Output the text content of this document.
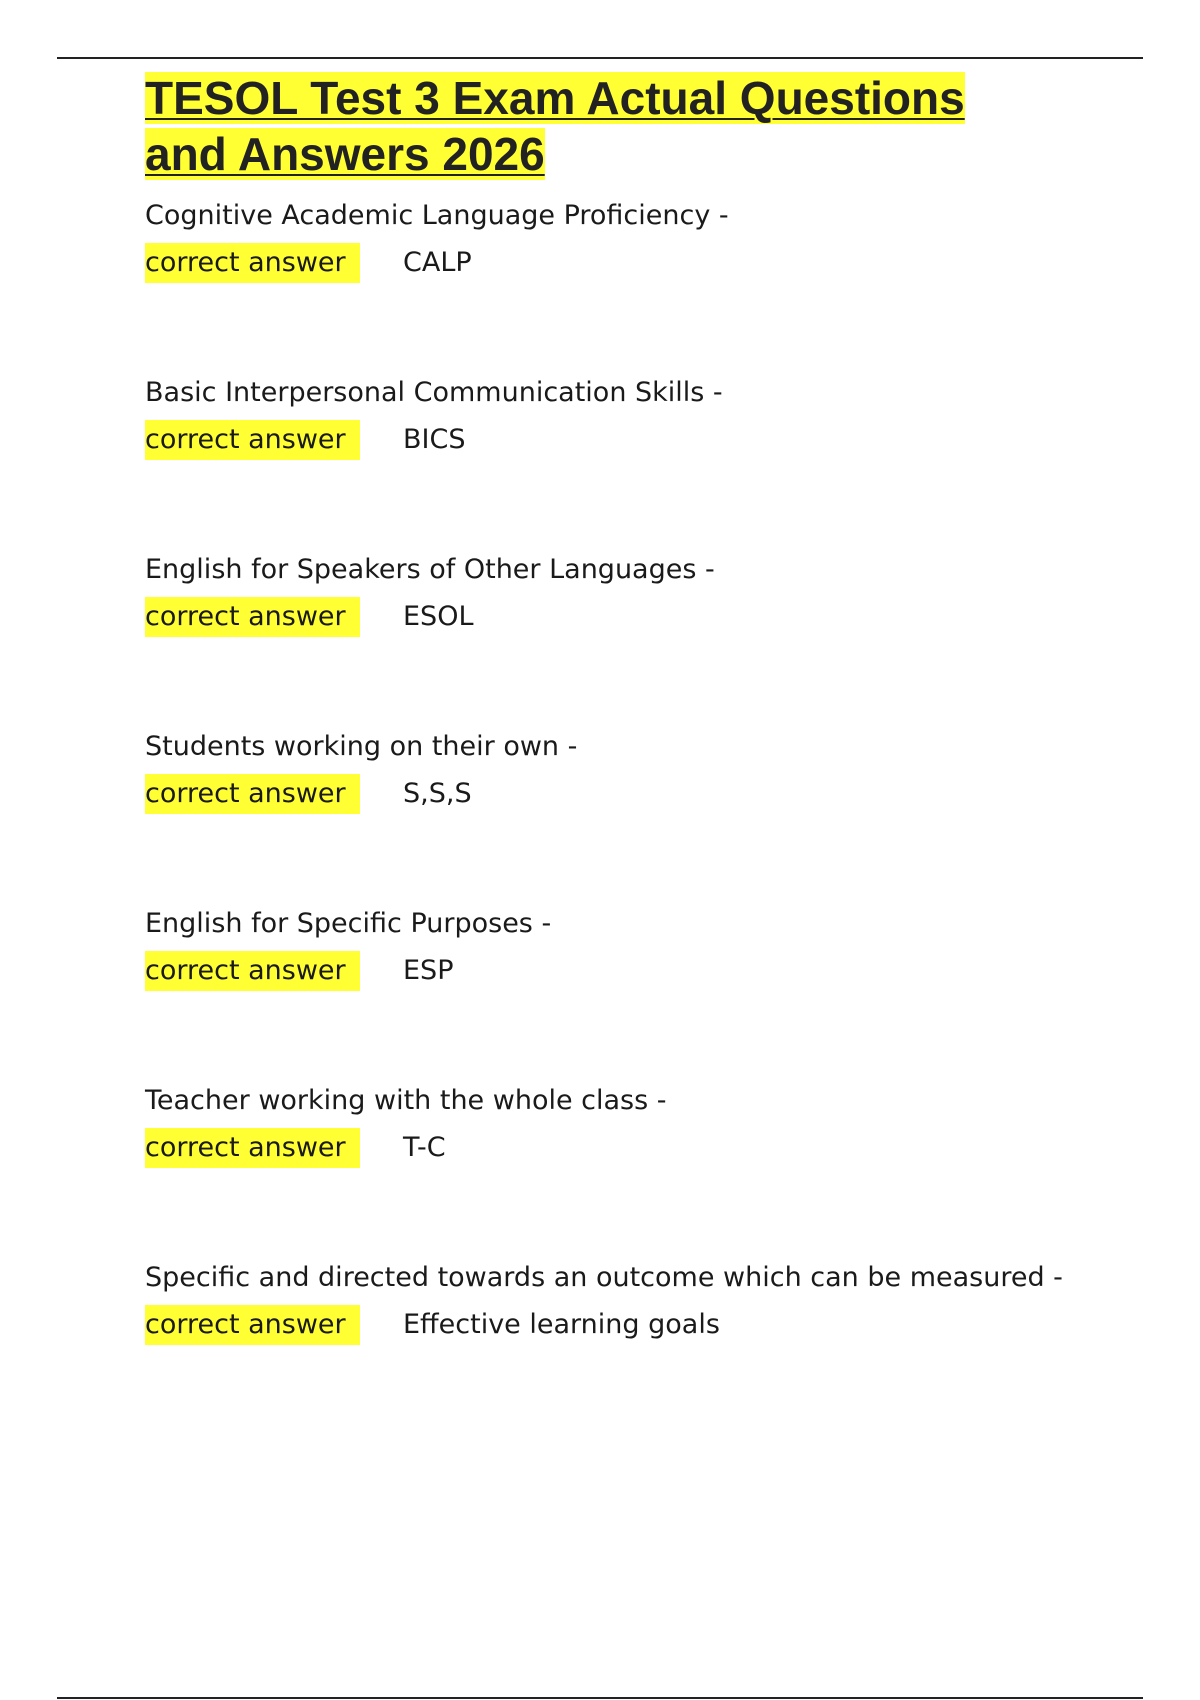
TESOL Test 3 Exam Actual Questions
and Answers 2026
Cognitive Academic Language Proficiency -
correct answer	CALP
Basic Interpersonal Communication Skills -
correct answer	BICS
English for Speakers of Other Languages -
correct answer	ESOL
Students working on their own -
correct answer	S,S,S
English for Specific Purposes -
correct answer	ESP
Teacher working with the whole class -
correct answer	T-C
Specific and directed towards an outcome which can be measured -
correct answer	Effective learning goals
